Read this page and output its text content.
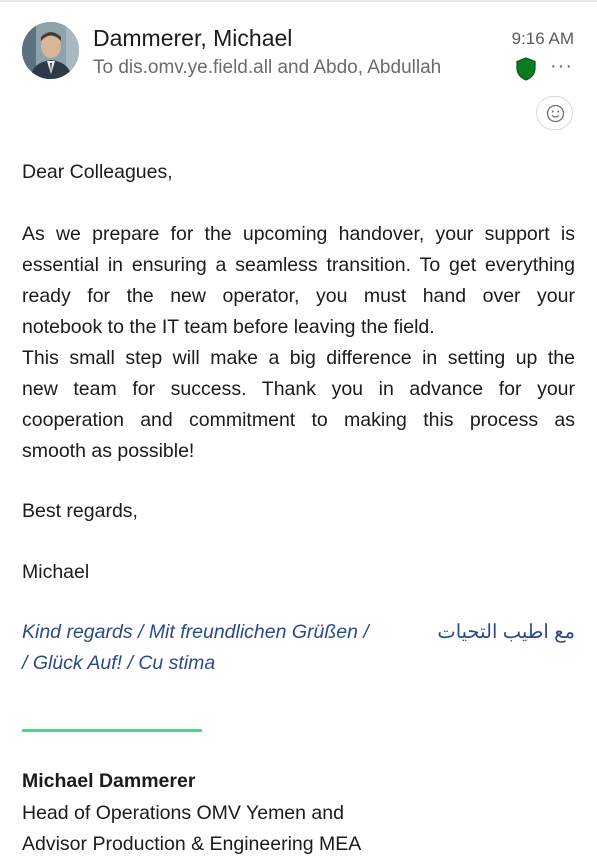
Dammerer, Michael
To dis.omv.ye.field.all and Abdo, Abdullah
9:16 AM
···
Dear Colleagues,
As we prepare for the upcoming handover, your support is
essential in ensuring a seamless transition. To get everything
ready for the new operator, you must hand over your
notebook to the IT team before leaving the field.
This small step will make a big difference in setting up the
new team for success. Thank you in advance for your
cooperation and commitment to making this process as
smooth as possible!
Best regards,
Michael
Kind regards / Mit freundlichen Grüßen /	مع اطيب التحيات
/ Glück Auf! / Cu stima
Michael Dammerer
Head of Operations OMV Yemen and
Advisor Production & Engineering MEA
